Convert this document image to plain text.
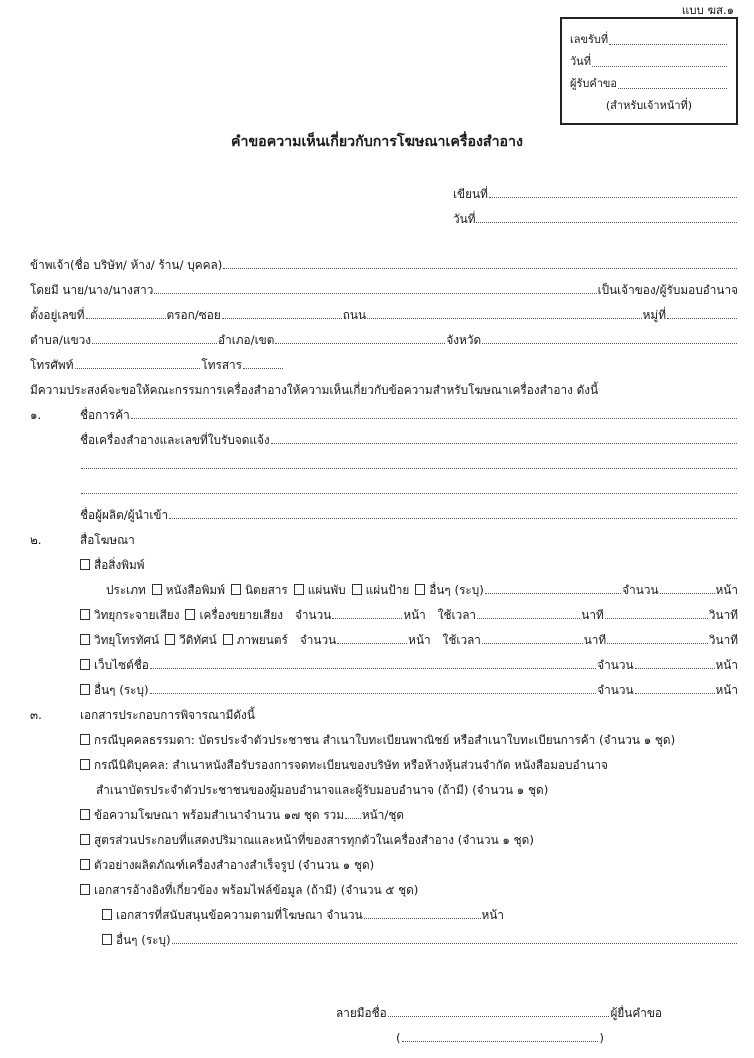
แบบ ฆส.๑
เลขรับที่
วันที่
ผู้รับคำขอ
(สำหรับเจ้าหน้าที่)
คำขอความเห็นเกี่ยวกับการโฆษณาเครื่องสำอาง
เขียนที่
วันที่
ข้าพเจ้า(ชื่อ บริษัท/ ห้าง/ ร้าน/ บุคคล)
โดยมี นาย/นาง/นางสาว	เป็นเจ้าของ/ผู้รับมอบอำนาจ
ตั้งอยู่เลขที่	ตรอก/ซอย	ถนน	หมู่ที่
ตำบล/แขวง	อำเภอ/เขต	จังหวัด
โทรศัพท์	โทรสาร
มีความประสงค์จะขอให้คณะกรรมการเครื่องสำอางให้ความเห็นเกี่ยวกับข้อความสำหรับโฆษณาเครื่องสำอาง ดังนี้
๑.	ชื่อการค้า
ชื่อเครื่องสำอางและเลขที่ใบรับจดแจ้ง
ชื่อผู้ผลิต/ผู้นำเข้า
๒.	สื่อโฆษณา
สื่อสิ่งพิมพ์
ประเภท หนังสือพิมพ์ นิตยสาร แผ่นพับ แผ่นป้าย อื่นๆ (ระบุ)	จำนวน	หน้า
วิทยุกระจายเสียง เครื่องขยายเสียง จำนวน	หน้า ใช้เวลา	นาที	วินาที
วิทยุโทรทัศน์ วีดิทัศน์ ภาพยนตร์ จำนวน	หน้า ใช้เวลา	นาที	วินาที
เว็บไซต์ชื่อ	จำนวน	หน้า
อื่นๆ (ระบุ)	จำนวน	หน้า
๓.	เอกสารประกอบการพิจารณามีดังนี้
กรณีบุคคลธรรมดา: บัตรประจำตัวประชาชน สำเนาใบทะเบียนพาณิชย์ หรือสำเนาใบทะเบียนการค้า (จำนวน ๑ ชุด)
กรณีนิติบุคคล: สำเนาหนังสือรับรองการจดทะเบียนของบริษัท หรือห้างหุ้นส่วนจำกัด หนังสือมอบอำนาจ
สำเนาบัตรประจำตัวประชาชนของผู้มอบอำนาจและผู้รับมอบอำนาจ (ถ้ามี) (จำนวน ๑ ชุด)
ข้อความโฆษณา พร้อมสำเนาจำนวน ๑๗ ชุด รวม หน้า/ชุด
สูตรส่วนประกอบที่แสดงปริมาณและหน้าที่ของสารทุกตัวในเครื่องสำอาง (จำนวน ๑ ชุด)
ตัวอย่างผลิตภัณฑ์เครื่องสำอางสำเร็จรูป (จำนวน ๑ ชุด)
เอกสารอ้างอิงที่เกี่ยวข้อง พร้อมไฟล์ข้อมูล (ถ้ามี) (จำนวน ๕ ชุด)
เอกสารที่สนับสนุนข้อความตามที่โฆษณา จำนวน	หน้า
อื่นๆ (ระบุ)
ลายมือชื่อ	ผู้ยื่นคำขอ
(	)
